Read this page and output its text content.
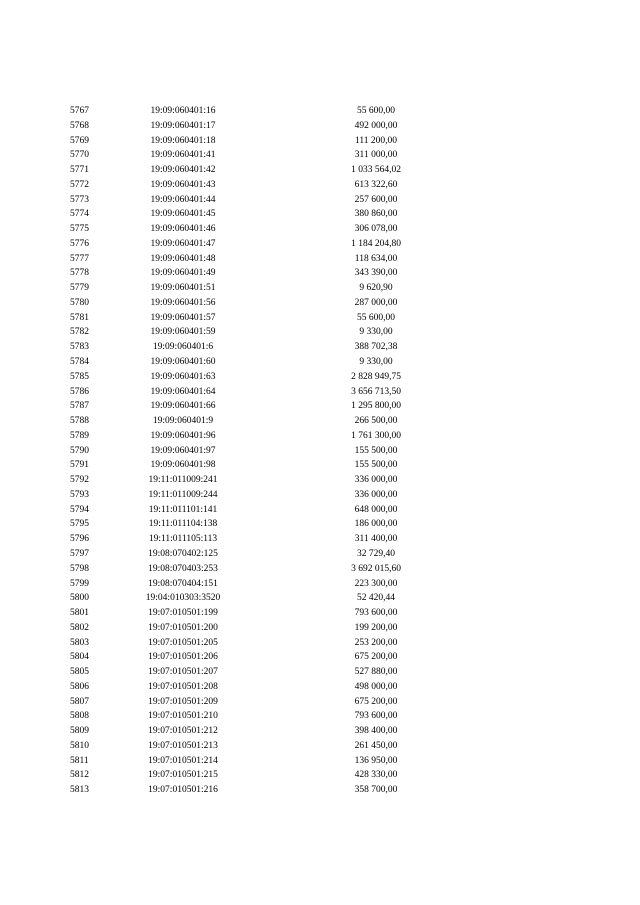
5767	19:09:060401:16	55 600,00
5768	19:09:060401:17	492 000,00
5769	19:09:060401:18	111 200,00
5770	19:09:060401:41	311 000,00
5771	19:09:060401:42	1 033 564,02
5772	19:09:060401:43	613 322,60
5773	19:09:060401:44	257 600,00
5774	19:09:060401:45	380 860,00
5775	19:09:060401:46	306 078,00
5776	19:09:060401:47	1 184 204,80
5777	19:09:060401:48	118 634,00
5778	19:09:060401:49	343 390,00
5779	19:09:060401:51	9 620,90
5780	19:09:060401:56	287 000,00
5781	19:09:060401:57	55 600,00
5782	19:09:060401:59	9 330,00
5783	19:09:060401:6	388 702,38
5784	19:09:060401:60	9 330,00
5785	19:09:060401:63	2 828 949,75
5786	19:09:060401:64	3 656 713,50
5787	19:09:060401:66	1 295 800,00
5788	19:09:060401:9	266 500,00
5789	19:09:060401:96	1 761 300,00
5790	19:09:060401:97	155 500,00
5791	19:09:060401:98	155 500,00
5792	19:11:011009:241	336 000,00
5793	19:11:011009:244	336 000,00
5794	19:11:011101:141	648 000,00
5795	19:11:011104:138	186 000,00
5796	19:11:011105:113	311 400,00
5797	19:08:070402:125	32 729,40
5798	19:08:070403:253	3 692 015,60
5799	19:08:070404:151	223 300,00
5800	19:04:010303:3520	52 420,44
5801	19:07:010501:199	793 600,00
5802	19:07:010501:200	199 200,00
5803	19:07:010501:205	253 200,00
5804	19:07:010501:206	675 200,00
5805	19:07:010501:207	527 880,00
5806	19:07:010501:208	498 000,00
5807	19:07:010501:209	675 200,00
5808	19:07:010501:210	793 600,00
5809	19:07:010501:212	398 400,00
5810	19:07:010501:213	261 450,00
5811	19:07:010501:214	136 950,00
5812	19:07:010501:215	428 330,00
5813	19:07:010501:216	358 700,00
